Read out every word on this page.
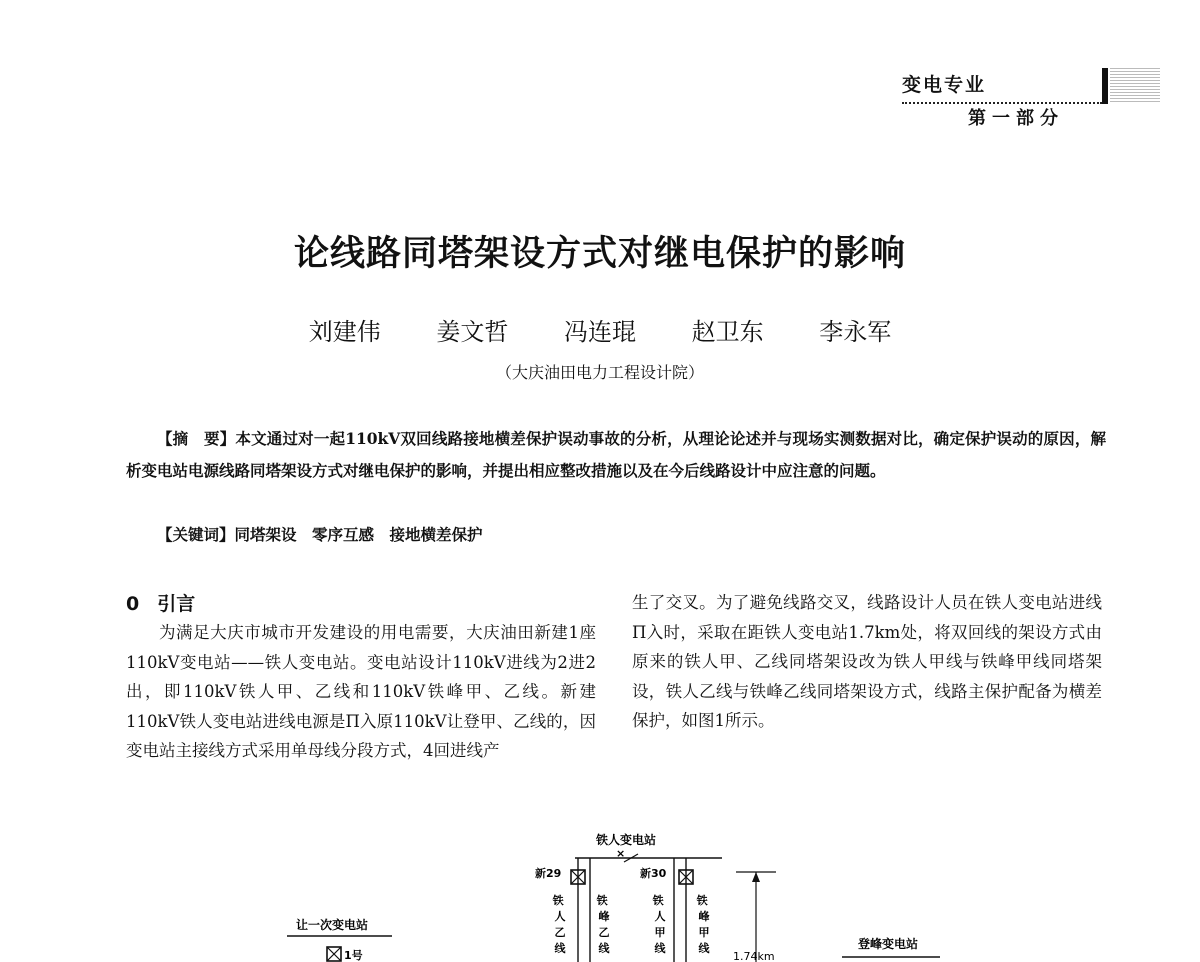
变电专业
第一部分
论线路同塔架设方式对继电保护的影响
刘建伟 姜文哲 冯连琨 赵卫东 李永军
（大庆油田电力工程设计院）
【摘　要】本文通过对一起110kV双回线路接地横差保护误动事故的分析，从理论论述并与现场实测数据对比，确定保护误动的原因，解析变电站电源线路同塔架设方式对继电保护的影响，并提出相应整改措施以及在今后线路设计中应注意的问题。
【关键词】同塔架设　零序互感　接地横差保护
0 引言
为满足大庆市城市开发建设的用电需要，大庆油田新建1座110kV变电站——铁人变电站。变电站设计110kV进线为2进2出，即110kV铁人甲、乙线和110kV铁峰甲、乙线。新建110kV铁人变电站进线电源是Π入原110kV让登甲、乙线的，因变电站主接线方式采用单母线分段方式，4回进线产
生了交叉。为了避免线路交叉，线路设计人员在铁人变电站进线Π入时，采取在距铁人变电站1.7km处，将双回线的架设方式由原来的铁人甲、乙线同塔架设改为铁人甲线与铁峰甲线同塔架设，铁人乙线与铁峰乙线同塔架设方式，线路主保护配备为横差保护，如图1所示。
铁人变电站
×
新29	新30
铁 人乙线
铁 峰乙线
铁 人甲线
铁 峰甲线
1.74km
让一次变电站
1号
登峰变电站
